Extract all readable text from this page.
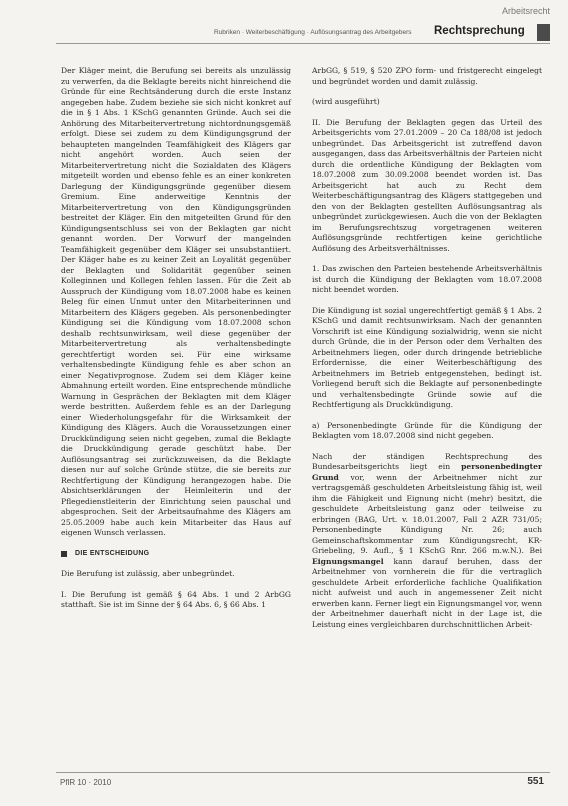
Arbeitsrecht
Rubriken · Weiterbeschäftigung · Auflösungsantrag des Arbeitgebers Rechtsprechung

Der Kläger meint, die Berufung sei bereits als unzulässig zu verwerfen, da die Beklagte bereits nicht hinreichend die Gründe für eine Rechtsänderung durch die erste Instanz angegeben habe. Zudem beziehe sie sich nicht konkret auf die in § 1 Abs. 1 KSchG genannten Gründe. Auch sei die Anhörung des Mitarbeitervertretung nichtordnungsgemäß erfolgt. Diese sei zudem zu dem Kündigungsgrund der behaupteten mangelnden Teamfähigkeit des Klägers gar nicht angehört worden. Auch seien der Mitarbeitervertretung nicht die Sozialdaten des Klägers mitgeteilt worden und ebenso fehle es an einer konkreten Darlegung der Kündigungsgründe gegenüber diesem Gremium. Eine anderweitige Kenntnis der Mitarbeitervertretung von den Kündigungsgründen bestreitet der Kläger. Ein den mitgeteilten Grund für den Kündigungsentschluss sei von der Beklagten gar nicht genannt worden. Der Vorwurf der mangelnden Teamfähigkeit gegenüber dem Kläger sei unsubstantiiert. Der Kläger habe es zu keiner Zeit an Loyalität gegenüber der Beklagten und Solidarität gegenüber seinen Kolleginnen und Kollegen fehlen lassen. Für die Zeit ab Ausspruch der Kündigung vom 18.07.2008 habe es keinen Beleg für einen Unmut unter den Mitarbeiterinnen und Mitarbeitern des Klägers gegeben. Als personenbedingter Kündigung sei die Kündigung vom 18.07.2008 schon deshalb rechtsunwirksam, weil diese gegenüber der Mitarbeitervertretung als verhaltensbedingte gerechtfertigt worden sei. Für eine wirksame verhaltensbedingte Kündigung fehle es aber schon an einer Negativprognose. Zudem sei dem Kläger keine Abmahnung erteilt worden. Eine entsprechende mündliche Warnung in Gesprächen der Beklagten mit dem Kläger werde bestritten. Außerdem fehle es an der Darlegung einer Wiederholungsgefahr für die Wirksamkeit der Kündigung des Klägers. Auch die Voraussetzungen einer Druckkündigung seien nicht gegeben, zumal die Beklagte die Druckkündigung gerade geschützt habe. Der Auflösungsantrag sei zurückzuweisen, da die Beklagte diesen nur auf solche Gründe stütze, die sie bereits zur Rechtfertigung der Kündigung herangezogen habe. Die Absichtserklärungen der Heimleiterin und der Pflegedienstleiterin der Einrichtung seien pauschal und abgesprochen. Seit der Arbeitsaufnahme des Klägers am 25.05.2009 habe auch kein Mitarbeiter das Haus auf eigenen Wunsch verlassen.

DIE ENTSCHEIDUNG

Die Berufung ist zulässig, aber unbegründet.

I. Die Berufung ist gemäß § 64 Abs. 1 und 2 ArbGG statthaft. Sie ist im Sinne der § 64 Abs. 6, § 66 Abs. 1

ArbGG, § 519, § 520 ZPO form- und fristgerecht eingelegt und begründet worden und damit zulässig.

(wird ausgeführt)

II. Die Berufung der Beklagten gegen das Urteil des Arbeitsgerichts vom 27.01.2009 – 20 Ca 188/08 ist jedoch unbegründet. Das Arbeitsgericht ist zutreffend davon ausgegangen, dass das Arbeitsverhältnis der Parteien nicht durch die ordentliche Kündigung der Beklagten vom 18.07.2008 zum 30.09.2008 beendet worden ist. Das Arbeitsgericht hat auch zu Recht dem Weiterbeschäftigungsantrag des Klägers stattgegeben und den von der Beklagten gestellten Auflösungsantrag als unbegründet zurückgewiesen. Auch die von der Beklagten im Berufungsrechtszug vorgetragenen weiteren Auflösungsgründe rechtfertigen keine gerichtliche Auflösung des Arbeitsverhältnisses.

1. Das zwischen den Parteien bestehende Arbeitsverhältnis ist durch die Kündigung der Beklagten vom 18.07.2008 nicht beendet worden.

Die Kündigung ist sozial ungerechtfertigt gemäß § 1 Abs. 2 KSchG und damit rechtsunwirksam. Nach der genannten Vorschrift ist eine Kündigung sozialwidrig, wenn sie nicht durch Gründe, die in der Person oder dem Verhalten des Arbeitnehmers liegen, oder durch dringende betriebliche Erfordernisse, die einer Weiterbeschäftigung des Arbeitnehmers im Betrieb entgegenstehen, bedingt ist. Vorliegend beruft sich die Beklagte auf personenbedingte und verhaltensbedingte Gründe sowie auf die Rechtfertigung als Druckkündigung.

a) Personenbedingte Gründe für die Kündigung der Beklagten vom 18.07.2008 sind nicht gegeben.

Nach der ständigen Rechtsprechung des Bundesarbeitsgerichts liegt ein personenbedingter Grund vor, wenn der Arbeitnehmer nicht zur vertragsgemäß geschuldeten Arbeitsleistung fähig ist, weil ihm die Fähigkeit und Eignung nicht (mehr) besitzt, die geschuldete Arbeitsleistung ganz oder teilweise zu erbringen (BAG, Urt. v. 18.01.2007, Fall 2 AZR 731/05; Personenbedingte Kündigung Nr. 26; auch Gemeinschaftskommentar zum Kündigungsrecht, KR-Griebeling, 9. Aufl., § 1 KSchG Rnr. 266 m.w.N.). Bei Eignungsmangel kann darauf beruhen, dass der Arbeitnehmer von vornherein die für die vertraglich geschuldete Arbeit erforderliche fachliche Qualifikation nicht aufweist und auch in angemessener Zeit nicht erwerben kann. Ferner liegt ein Eignungsmangel vor, wenn der Arbeitnehmer dauerhaft nicht in der Lage ist, die Leistung eines vergleichbaren durchschnittlichen Arbeit-

PflR 10 · 2010	551
